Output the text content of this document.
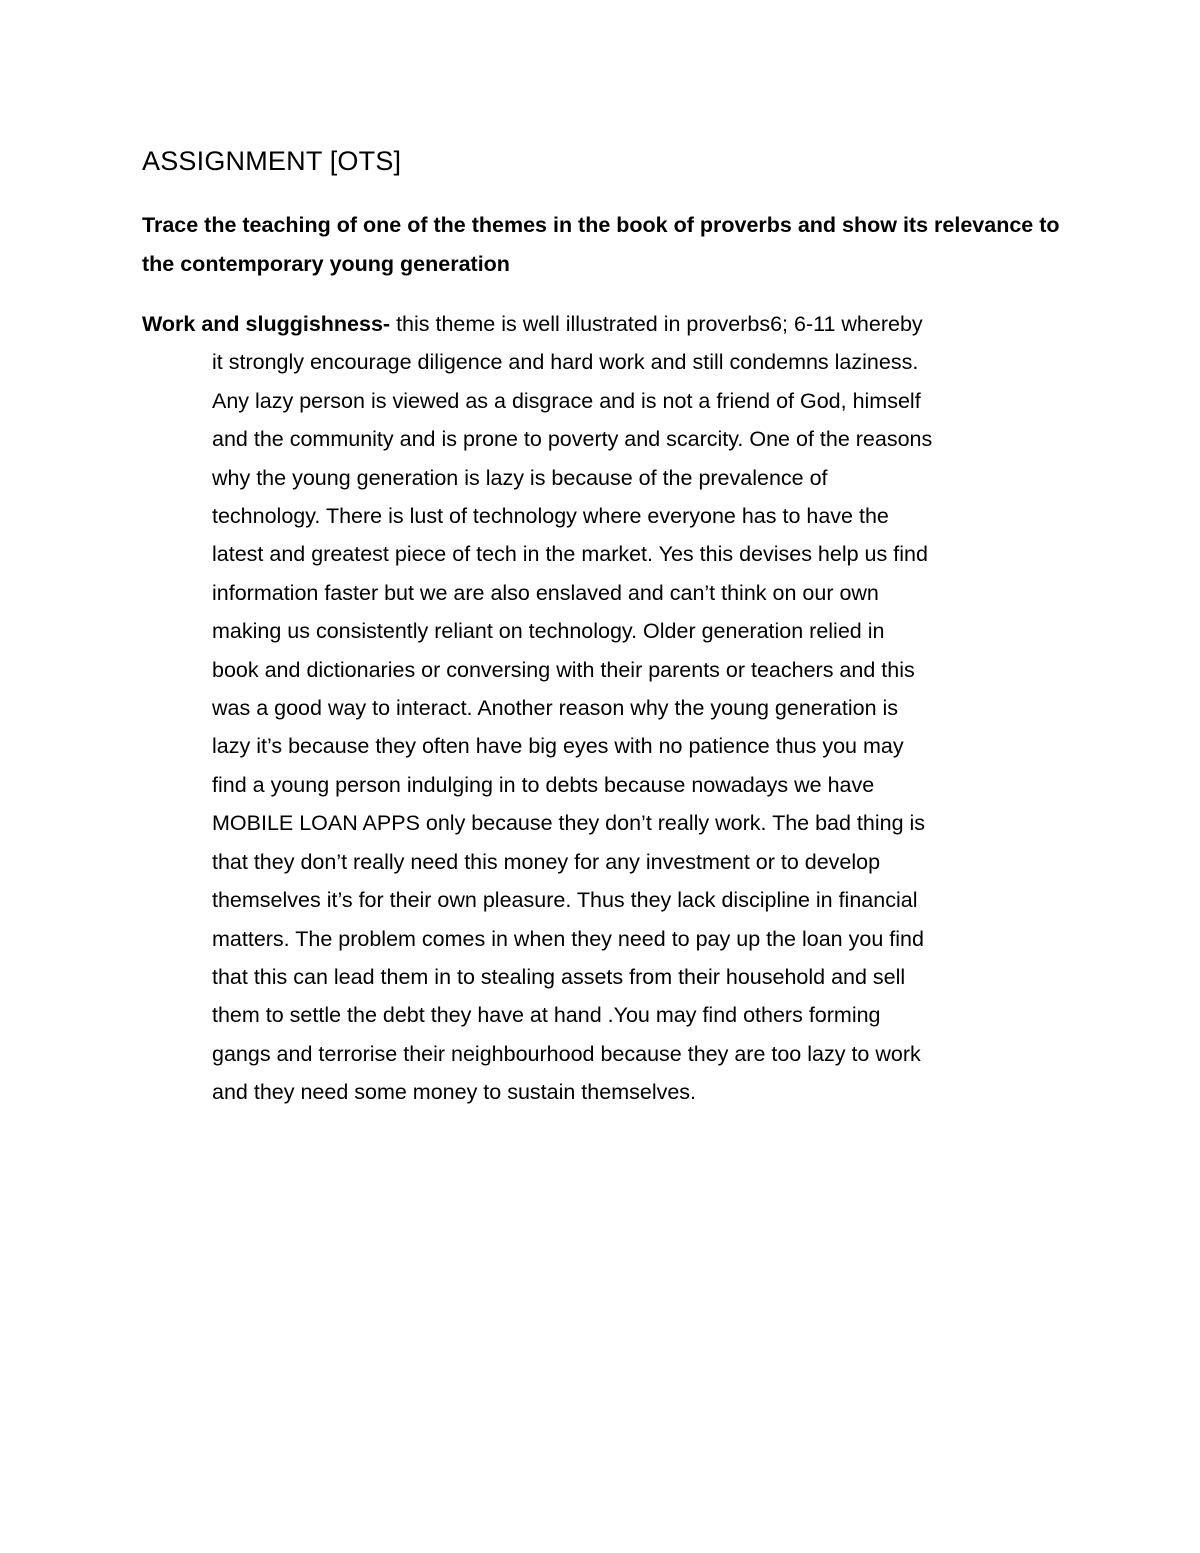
ASSIGNMENT [OTS]

Trace the teaching of one of the themes in the book of proverbs and show its relevance to the contemporary young generation

Work and sluggishness- this theme is well illustrated in proverbs6; 6-11 whereby
it strongly encourage diligence and hard work and still condemns laziness.
Any lazy person is viewed as a disgrace and is not a friend of God, himself
and the community and is prone to poverty and scarcity. One of the reasons
why the young generation is lazy is because of the prevalence of
technology. There is lust of technology where everyone has to have the
latest and greatest piece of tech in the market. Yes this devises help us find
information faster but we are also enslaved and can’t think on our own
making us consistently reliant on technology. Older generation relied in
book and dictionaries or conversing with their parents or teachers and this
was a good way to interact. Another reason why the young generation is
lazy it’s because they often have big eyes with no patience thus you may
find a young person indulging in to debts because nowadays we have
MOBILE LOAN APPS only because they don’t really work. The bad thing is
that they don’t really need this money for any investment or to develop
themselves it’s for their own pleasure. Thus they lack discipline in financial
matters. The problem comes in when they need to pay up the loan you find
that this can lead them in to stealing assets from their household and sell
them to settle the debt they have at hand .You may find others forming
gangs and terrorise their neighbourhood because they are too lazy to work
and they need some money to sustain themselves.
